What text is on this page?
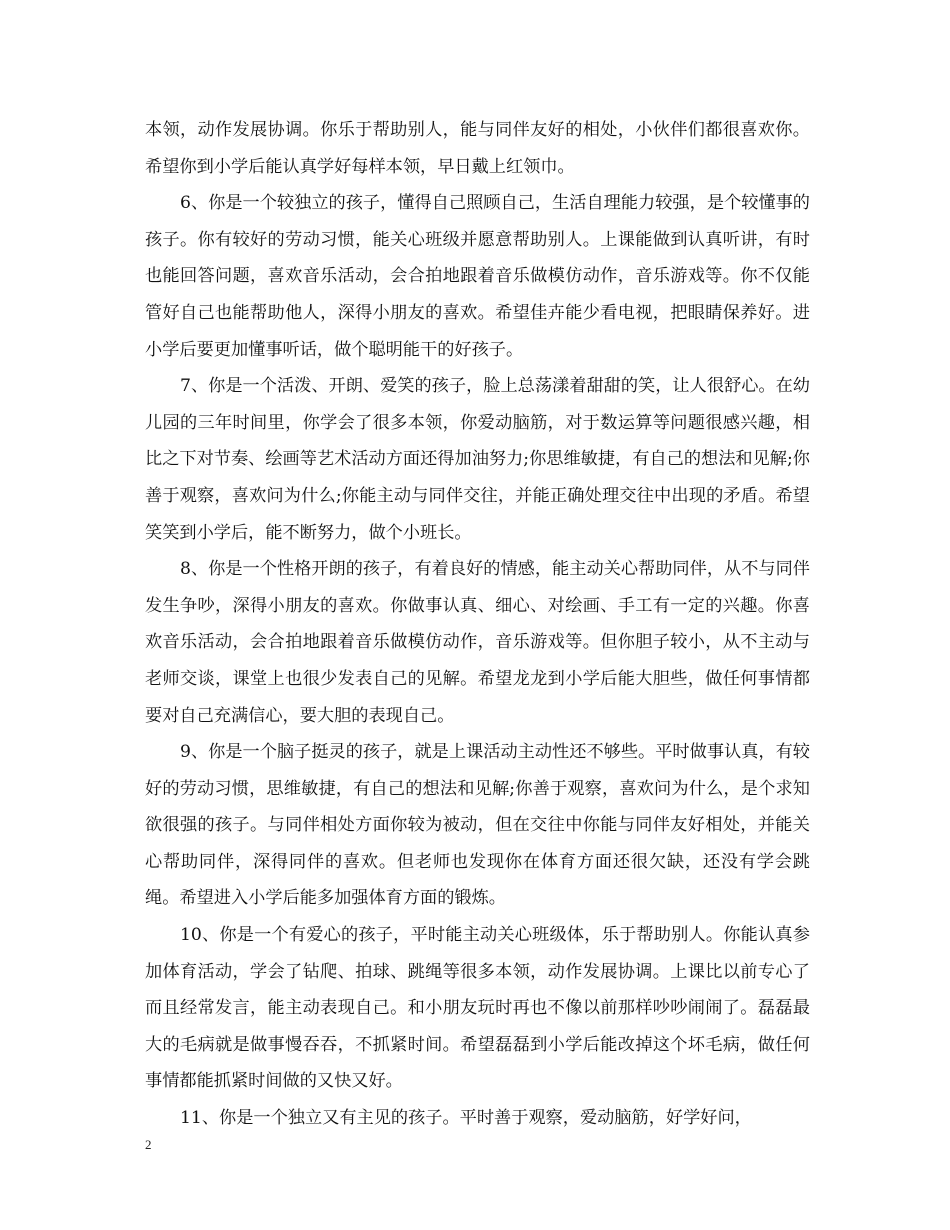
本领，动作发展协调。你乐于帮助别人，能与同伴友好的相处，小伙伴们都很喜欢你。希望你到小学后能认真学好每样本领，早日戴上红领巾。

6、你是一个较独立的孩子，懂得自己照顾自己，生活自理能力较强，是个较懂事的孩子。你有较好的劳动习惯，能关心班级并愿意帮助别人。上课能做到认真听讲，有时也能回答问题，喜欢音乐活动，会合拍地跟着音乐做模仿动作，音乐游戏等。你不仅能管好自己也能帮助他人，深得小朋友的喜欢。希望佳卉能少看电视，把眼睛保养好。进小学后要更加懂事听话，做个聪明能干的好孩子。

7、你是一个活泼、开朗、爱笑的孩子，脸上总荡漾着甜甜的笑，让人很舒心。在幼儿园的三年时间里，你学会了很多本领，你爱动脑筋，对于数运算等问题很感兴趣，相比之下对节奏、绘画等艺术活动方面还得加油努力;你思维敏捷，有自己的想法和见解;你善于观察，喜欢问为什么;你能主动与同伴交往，并能正确处理交往中出现的矛盾。希望笑笑到小学后，能不断努力，做个小班长。

8、你是一个性格开朗的孩子，有着良好的情感，能主动关心帮助同伴，从不与同伴发生争吵，深得小朋友的喜欢。你做事认真、细心、对绘画、手工有一定的兴趣。你喜欢音乐活动，会合拍地跟着音乐做模仿动作，音乐游戏等。但你胆子较小，从不主动与老师交谈，课堂上也很少发表自己的见解。希望龙龙到小学后能大胆些，做任何事情都要对自己充满信心，要大胆的表现自己。

9、你是一个脑子挺灵的孩子，就是上课活动主动性还不够些。平时做事认真，有较好的劳动习惯，思维敏捷，有自己的想法和见解;你善于观察，喜欢问为什么，是个求知欲很强的孩子。与同伴相处方面你较为被动，但在交往中你能与同伴友好相处，并能关心帮助同伴，深得同伴的喜欢。但老师也发现你在体育方面还很欠缺，还没有学会跳绳。希望进入小学后能多加强体育方面的锻炼。

10、你是一个有爱心的孩子，平时能主动关心班级体，乐于帮助别人。你能认真参加体育活动，学会了钻爬、拍球、跳绳等很多本领，动作发展协调。上课比以前专心了而且经常发言，能主动表现自己。和小朋友玩时再也不像以前那样吵吵闹闹了。磊磊最大的毛病就是做事慢吞吞，不抓紧时间。希望磊磊到小学后能改掉这个坏毛病，做任何事情都能抓紧时间做的又快又好。

11、你是一个独立又有主见的孩子。平时善于观察，爱动脑筋，好学好问，

2
